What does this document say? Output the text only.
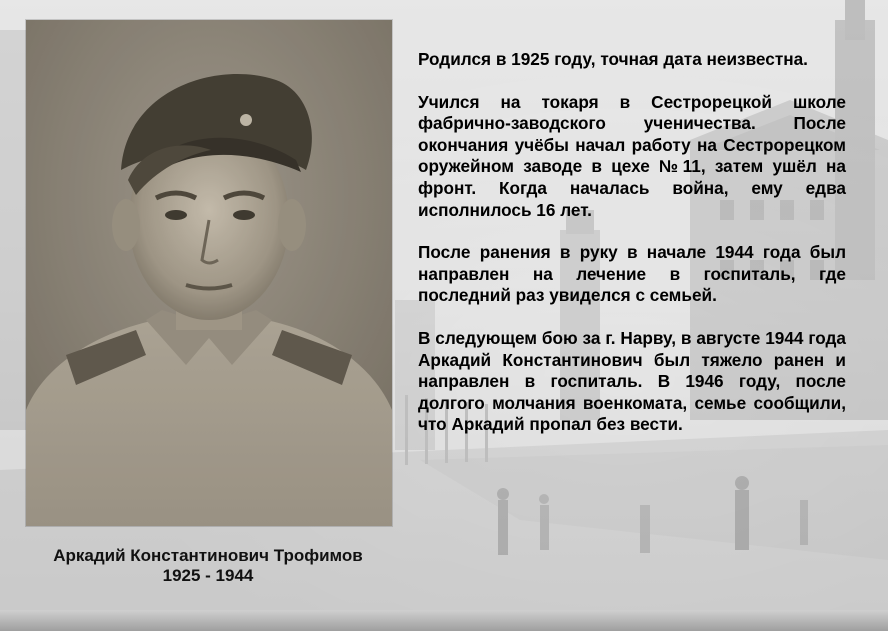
Аркадий Константинович Трофимов
1925 - 1944

Родился в 1925 году, точная дата неизвестна.

Учился на токаря в Сестрорецкой школе фабрично-заводского ученичества. После окончания учёбы начал работу на Сестрорецком оружейном заводе в цехе №11, затем ушёл на фронт. Когда началась война, ему едва исполнилось 16 лет.

После ранения в руку в начале 1944 года был направлен на лечение в госпиталь, где последний раз увиделся с семьей.

В следующем бою за г. Нарву, в августе 1944 года Аркадий Константинович был тяжело ранен и направлен в госпиталь. В 1946 году, после долгого молчания военкомата, семье сообщили, что Аркадий пропал без вести.
